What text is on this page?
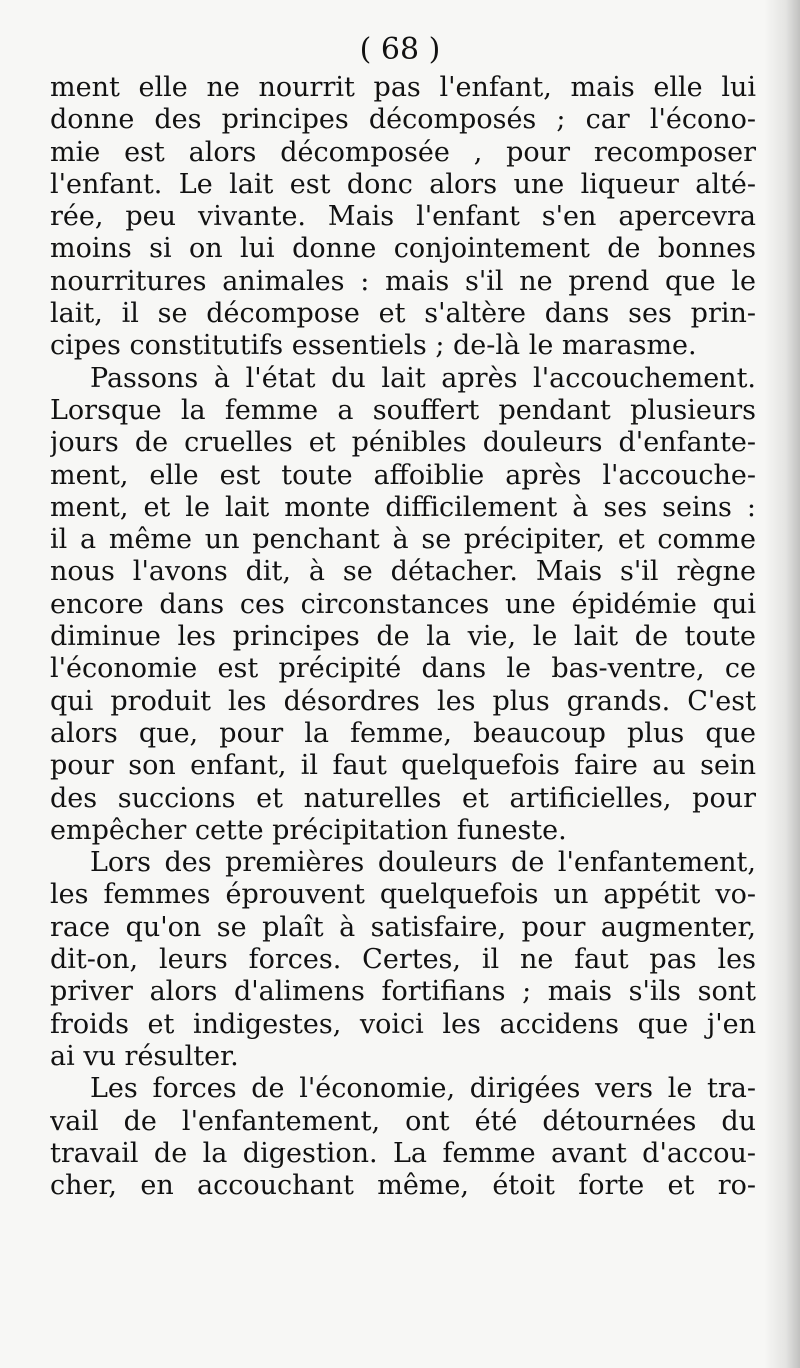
( 68 )
ment elle ne nourrit pas l'enfant, mais elle lui
donne des principes décomposés ; car l'écono-
mie est alors décomposée , pour recomposer
l'enfant. Le lait est donc alors une liqueur alté-
rée, peu vivante. Mais l'enfant s'en apercevra
moins si on lui donne conjointement de bonnes
nourritures animales : mais s'il ne prend que le
lait, il se décompose et s'altère dans ses prin-
cipes constitutifs essentiels ; de-là le marasme.
Passons à l'état du lait après l'accouchement.
Lorsque la femme a souffert pendant plusieurs
jours de cruelles et pénibles douleurs d'enfante-
ment, elle est toute affoiblie après l'accouche-
ment, et le lait monte difficilement à ses seins :
il a même un penchant à se précipiter, et comme
nous l'avons dit, à se détacher. Mais s'il règne
encore dans ces circonstances une épidémie qui
diminue les principes de la vie, le lait de toute
l'économie est précipité dans le bas-ventre, ce
qui produit les désordres les plus grands. C'est
alors que, pour la femme, beaucoup plus que
pour son enfant, il faut quelquefois faire au sein
des succions et naturelles et artificielles, pour
empêcher cette précipitation funeste.
Lors des premières douleurs de l'enfantement,
les femmes éprouvent quelquefois un appétit vo-
race qu'on se plaît à satisfaire, pour augmenter,
dit-on, leurs forces. Certes, il ne faut pas les
priver alors d'alimens fortifians ; mais s'ils sont
froids et indigestes, voici les accidens que j'en
ai vu résulter.
Les forces de l'économie, dirigées vers le tra-
vail de l'enfantement, ont été détournées du
travail de la digestion. La femme avant d'accou-
cher, en accouchant même, étoit forte et ro-
